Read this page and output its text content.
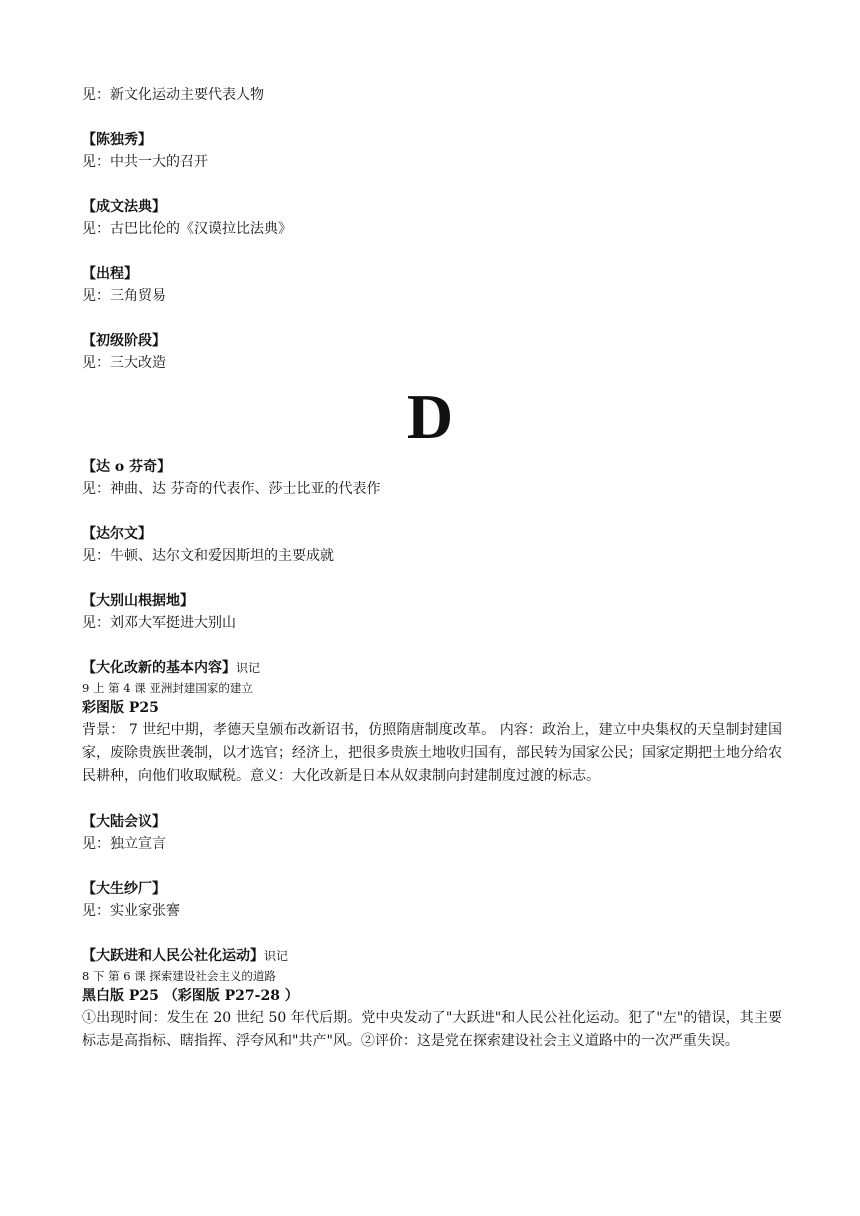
见：新文化运动主要代表人物
【陈独秀】
见：中共一大的召开
【成文法典】
见：古巴比伦的《汉谟拉比法典》
【出程】
见：三角贸易
【初级阶段】
见：三大改造
D
【达 o 芬奇】
见：神曲、达 芬奇的代表作、莎士比亚的代表作
【达尔文】
见：牛顿、达尔文和爱因斯坦的主要成就
【大别山根据地】
见：刘邓大军挺进大别山
【大化改新的基本内容】识记
9 上 第 4 课 亚洲封建国家的建立
彩图版 P25
背景： 7 世纪中期，孝德天皇颁布改新诏书，仿照隋唐制度改革。 内容：政治上，建立中央集权的天皇制封建国家，废除贵族世袭制，以才选官；经济上，把很多贵族土地收归国有，部民转为国家公民；国家定期把土地分给农民耕种，向他们收取赋税。意义：大化改新是日本从奴隶制向封建制度过渡的标志。
【大陆会议】
见：独立宣言
【大生纱厂】
见：实业家张謇
【大跃进和人民公社化运动】识记
8 下 第 6 课 探索建设社会主义的道路
黑白版 P25 （彩图版 P27-28 ）
①出现时间：发生在 20 世纪 50 年代后期。党中央发动了"大跃进"和人民公社化运动。犯了"左"的错误，其主要标志是高指标、瞎指挥、浮夸风和"共产"风。②评价：这是党在探索建设社会主义道路中的一次严重失误。
